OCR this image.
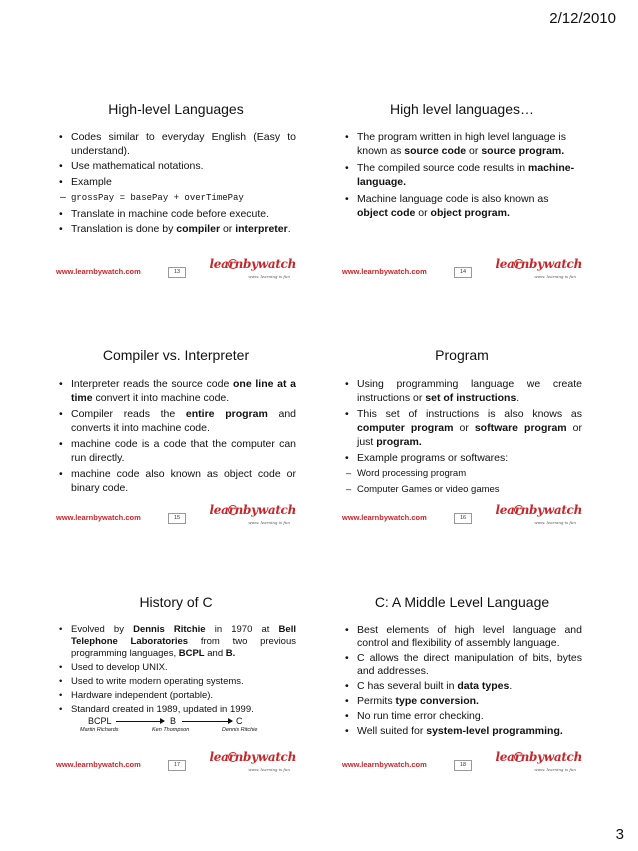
2/12/2010
High-level Languages
• Codes similar to everyday English (Easy to understand).
• Use mathematical notations.
• Example
– grossPay = basePay + overTimePay
• Translate in machine code before execute.
• Translation is done by compiler or interpreter.
www.learnbywatch.com	13
learnbywatch
www. learning is fun
High level languages…
• The program written in high level language is known as source code or source program.
• The compiled source code results in machine-language.
• Machine language code is also known as object code or object program.
www.learnbywatch.com	14
learnbywatch
www. learning is fun
Compiler vs. Interpreter
• Interpreter reads the source code one line at a time convert it into machine code.
• Compiler reads the entire program and converts it into machine code.
• machine code is a code that the computer can run directly.
• machine code also known as object code or binary code.
www.learnbywatch.com	15
learnbywatch
www. learning is fun
Program
• Using programming language we create instructions or set of instructions.
• This set of instructions is also knows as computer program or software program or just program.
• Example programs or softwares:
– Word processing program
– Computer Games or video games
www.learnbywatch.com	16
learnbywatch
www. learning is fun
History of C
• Evolved by Dennis Ritchie in 1970 at Bell Telephone Laboratories from two previous programming languages, BCPL and B.
• Used to develop UNIX.
• Used to write modern operating systems.
• Hardware independent (portable).
• Standard created in 1989, updated in 1999.
BCPL	B	C
Martin Richards	Ken Thompson	Dennis Ritchie
www.learnbywatch.com	17
learnbywatch
www. learning is fun
C: A Middle Level Language
• Best elements of high level language and control and flexibility of assembly language.
• C allows the direct manipulation of bits, bytes and addresses.
• C has several built in data types.
• Permits type conversion.
• No run time error checking.
• Well suited for system-level programming.
www.learnbywatch.com	18
learnbywatch
www. learning is fun
3
